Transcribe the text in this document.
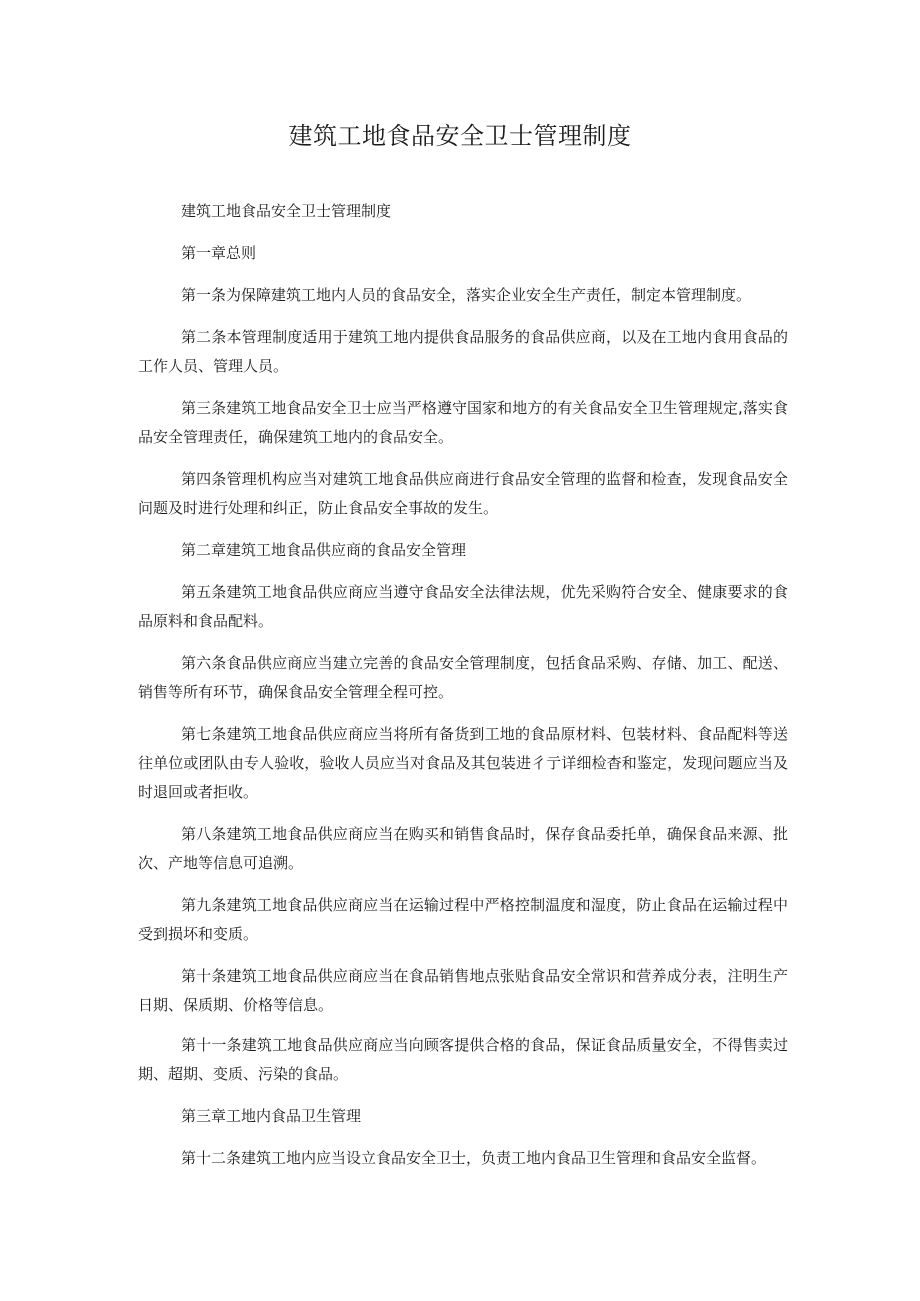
建筑工地食品安全卫士管理制度

建筑工地食品安全卫士管理制度

第一章总则

第一条为保障建筑工地内人员的食品安全，落实企业安全生产责任，制定本管理制度。

第二条本管理制度适用于建筑工地内提供食品服务的食品供应商，以及在工地内食用食品的工作人员、管理人员。

第三条建筑工地食品安全卫士应当严格遵守国家和地方的有关食品安全卫生管理规定,落实食品安全管理责任，确保建筑工地内的食品安全。

第四条管理机构应当对建筑工地食品供应商进行食品安全管理的监督和检查，发现食品安全问题及时进行处理和纠正，防止食品安全事故的发生。

第二章建筑工地食品供应商的食品安全管理

第五条建筑工地食品供应商应当遵守食品安全法律法规，优先采购符合安全、健康要求的食品原料和食品配料。

第六条食品供应商应当建立完善的食品安全管理制度，包括食品采购、存储、加工、配送、销售等所有环节，确保食品安全管理全程可控。

第七条建筑工地食品供应商应当将所有备货到工地的食品原材料、包装材料、食品配料等送往单位或团队由专人验收，验收人员应当对食品及其包装进彳亍详细检杳和鉴定，发现问题应当及时退回或者拒收。

第八条建筑工地食品供应商应当在购买和销售食品时，保存食品委托单，确保食品来源、批次、产地等信息可追溯。

第九条建筑工地食品供应商应当在运输过程中严格控制温度和湿度，防止食品在运输过程中受到损坏和变质。

第十条建筑工地食品供应商应当在食品销售地点张贴食品安全常识和营养成分表，注明生产日期、保质期、价格等信息。

第十一条建筑工地食品供应商应当向顾客提供合格的食品，保证食品质量安全，不得售卖过期、超期、变质、污染的食品。

第三章工地内食品卫生管理

第十二条建筑工地内应当设立食品安全卫士，负责工地内食品卫生管理和食品安全监督。
